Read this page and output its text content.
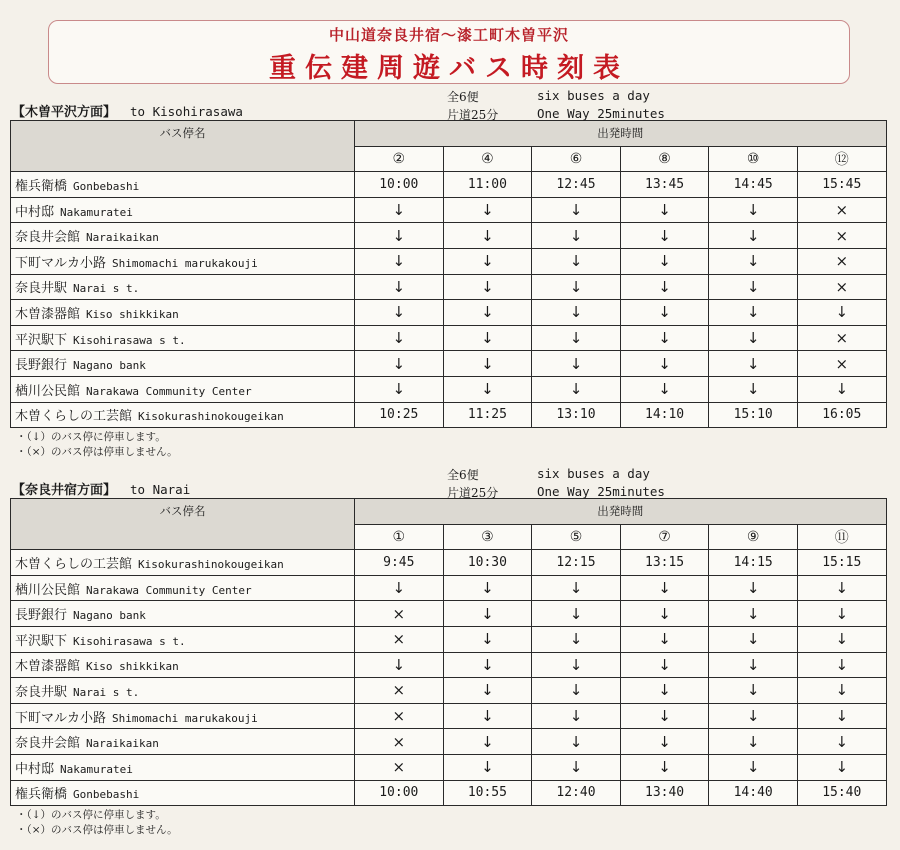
中山道奈良井宿〜漆工町木曽平沢
重伝建周遊バス時刻表
【木曽平沢方面】 to Kisohirasawa
全6便	six buses a day
片道25分	One Way 25minutes
バス停名	出発時間					
	②	④	⑥	⑧	⑩	⑫
権兵衛橋 Gonbebashi	10:00	11:00	12:45	13:45	14:45	15:45
中村邸 Nakamuratei	↓	↓	↓	↓	↓	×
奈良井会館 Naraikaikan	↓	↓	↓	↓	↓	×
下町マルカ小路 Shimomachi marukakouji	↓	↓	↓	↓	↓	×
奈良井駅 Narai s t.	↓	↓	↓	↓	↓	×
木曽漆器館 Kiso shikkikan	↓	↓	↓	↓	↓	↓
平沢駅下 Kisohirasawa s t.	↓	↓	↓	↓	↓	×
長野銀行 Nagano bank	↓	↓	↓	↓	↓	×
楢川公民館 Narakawa Community Center	↓	↓	↓	↓	↓	↓
木曽くらしの工芸館 Kisokurashinokougeikan	10:25	11:25	13:10	14:10	15:10	16:05
・（↓）のバス停に停車します。
・（×）のバス停は停車しません。
【奈良井宿方面】 to Narai
全6便	six buses a day
片道25分	One Way 25minutes
バス停名	出発時間					
	①	③	⑤	⑦	⑨	⑪
木曽くらしの工芸館 Kisokurashinokougeikan	9:45	10:30	12:15	13:15	14:15	15:15
楢川公民館 Narakawa Community Center	↓	↓	↓	↓	↓	↓
長野銀行 Nagano bank	×	↓	↓	↓	↓	↓
平沢駅下 Kisohirasawa s t.	×	↓	↓	↓	↓	↓
木曽漆器館 Kiso shikkikan	↓	↓	↓	↓	↓	↓
奈良井駅 Narai s t.	×	↓	↓	↓	↓	↓
下町マルカ小路 Shimomachi marukakouji	×	↓	↓	↓	↓	↓
奈良井会館 Naraikaikan	×	↓	↓	↓	↓	↓
中村邸 Nakamuratei	×	↓	↓	↓	↓	↓
権兵衛橋 Gonbebashi	10:00	10:55	12:40	13:40	14:40	15:40
・（↓）のバス停に停車します。
・（×）のバス停は停車しません。
